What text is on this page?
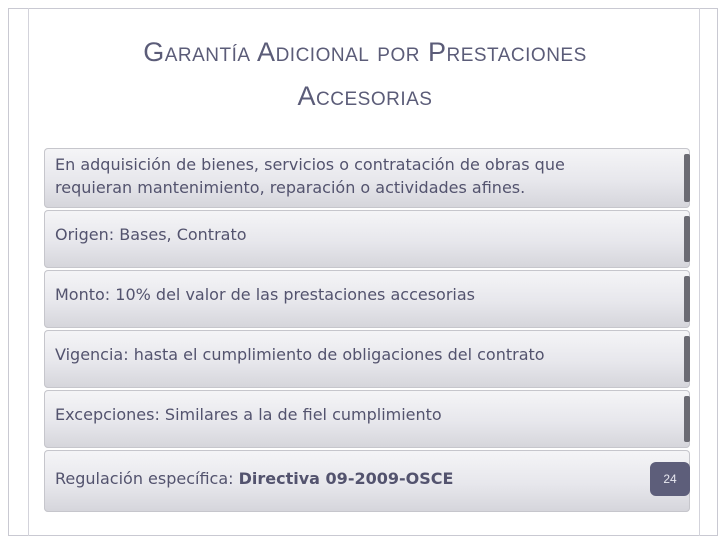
Garantía Adicional por Prestaciones
Accesorias
En adquisición de bienes, servicios o contratación de obras que requieran mantenimiento, reparación o actividades afines.
Origen: Bases, Contrato
Monto: 10% del valor de las prestaciones accesorias
Vigencia: hasta el cumplimiento de obligaciones del contrato
Excepciones: Similares a la de fiel cumplimiento
Regulación específica: Directiva 09-2009-OSCE	24
